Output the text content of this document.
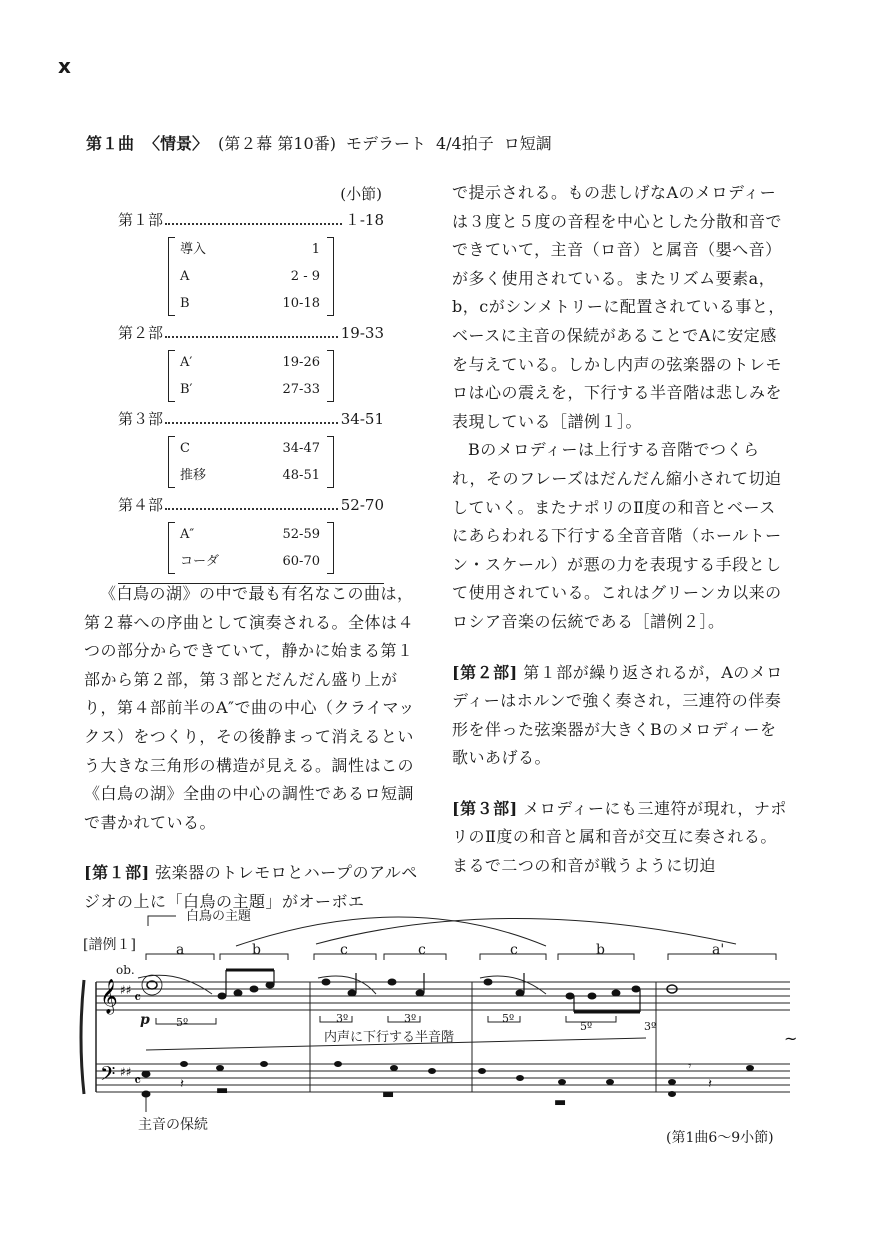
x
第１曲 〈情景〉 (第２幕 第10番) モデラート 4/4拍子 ロ短調
(小節)
第１部	１-18
導入	1
A	2 - 9
B	10-18
第２部	19-33
A′	19-26
B′	27-33
第３部	34-51
C	34-47
推移	48-51
第４部	52-70
A″	52-59
コーダ	60-70

《白鳥の湖》の中で最も有名なこの曲は，第２幕への序曲として演奏される。全体は４つの部分からできていて，静かに始まる第１部から第２部，第３部とだんだん盛り上がり，第４部前半のA″で曲の中心（クライマックス）をつくり，その後静まって消えるという大きな三角形の構造が見える。調性はこの《白鳥の湖》全曲の中心の調性であるロ短調で書かれている。

[第１部] 弦楽器のトレモロとハープのアルペジオの上に「白鳥の主題」がオーボエ

で提示される。もの悲しげなAのメロディーは３度と５度の音程を中心とした分散和音でできていて，主音（ロ音）と属音（嬰へ音）が多く使用されている。またリズム要素a，b，cがシンメトリーに配置されている事と，ベースに主音の保続があることでAに安定感を与えている。しかし内声の弦楽器のトレモロは心の震えを，下行する半音階は悲しみを表現している［譜例１］。

Bのメロディーは上行する音階でつくられ，そのフレーズはだんだん縮小されて切迫していく。またナポリのⅡ度の和音とベースにあらわれる下行する全音音階（ホールトーン・スケール）が悪の力を表現する手段として使用されている。これはグリーンカ以来のロシア音楽の伝統である［譜例２］。

[第２部] 第１部が繰り返されるが，Aのメロディーはホルンで強く奏され，三連符の伴奏形を伴った弦楽器が大きくBのメロディーを歌いあげる。

[第３部] メロディーにも三連符が現れ，ナポリのⅡ度の和音と属和音が交互に奏される。まるで二つの和音が戦うように切迫

𝄞
𝄢
♯♯
♯♯
𝄴
𝄴	𝄽 ▬	▬
▬
𝄾
𝄽
~
[譜例１]
白鳥の主題
ob.
p
a	b	c	c	c	b	a'
5º	3º	3º	5º
5º	3º
内声に下行する半音階
主音の保続
(第1曲6〜9小節)
